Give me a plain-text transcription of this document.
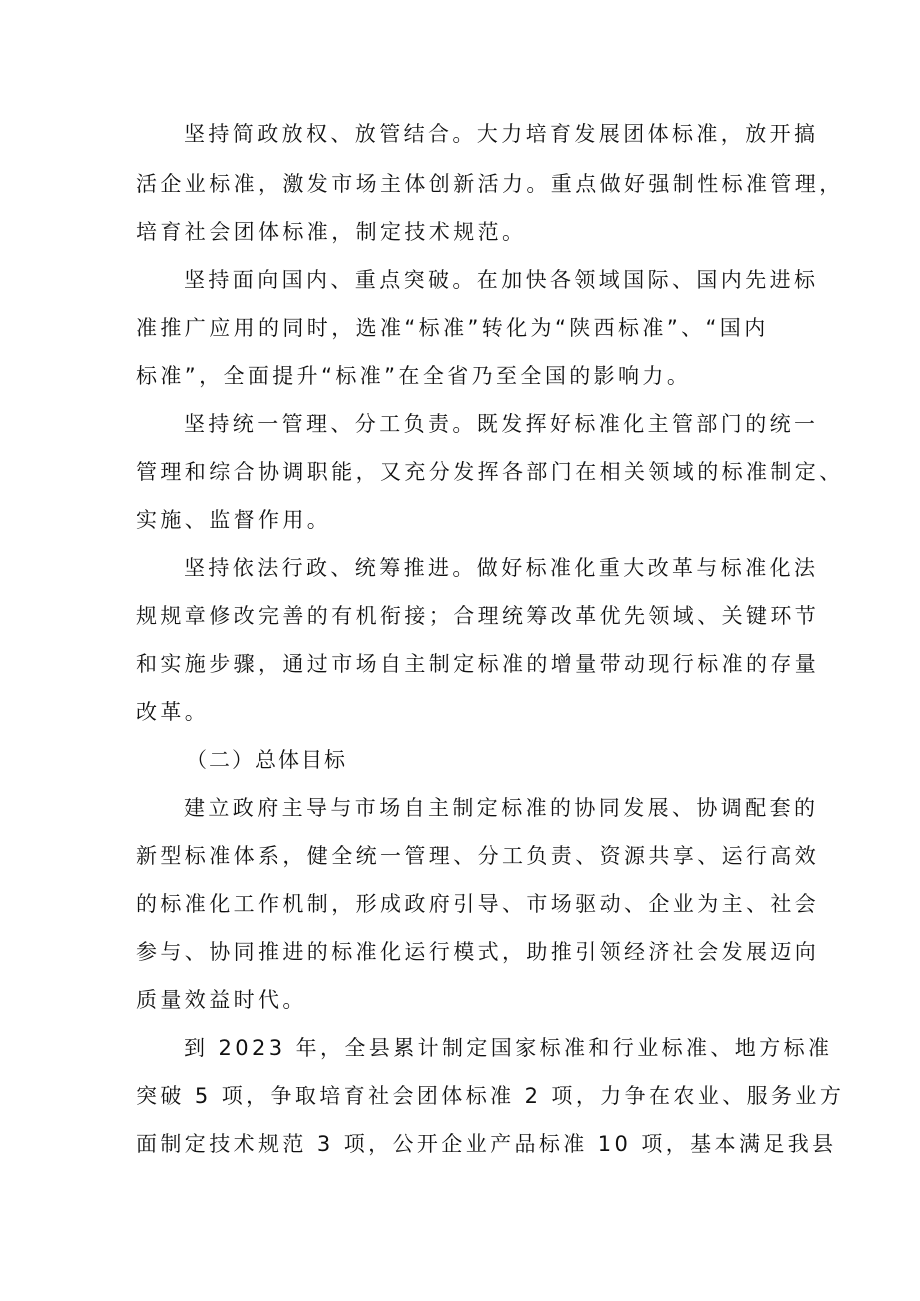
坚持简政放权、放管结合。大力培育发展团体标准，放开搞
活企业标准，激发市场主体创新活力。重点做好强制性标准管理，
培育社会团体标准，制定技术规范。
坚持面向国内、重点突破。在加快各领域国际、国内先进标
准推广应用的同时，选准“标准”转化为“陕西标准”、“国内
标准”，全面提升“标准”在全省乃至全国的影响力。
坚持统一管理、分工负责。既发挥好标准化主管部门的统一
管理和综合协调职能，又充分发挥各部门在相关领域的标准制定、
实施、监督作用。
坚持依法行政、统筹推进。做好标准化重大改革与标准化法
规规章修改完善的有机衔接；合理统筹改革优先领域、关键环节
和实施步骤，通过市场自主制定标准的增量带动现行标准的存量
改革。
（二）总体目标
建立政府主导与市场自主制定标准的协同发展、协调配套的
新型标准体系，健全统一管理、分工负责、资源共享、运行高效
的标准化工作机制，形成政府引导、市场驱动、企业为主、社会
参与、协同推进的标准化运行模式，助推引领经济社会发展迈向
质量效益时代。
到 2023 年，全县累计制定国家标准和行业标准、地方标准
突破 5 项，争取培育社会团体标准 2 项，力争在农业、服务业方
面制定技术规范 3 项，公开企业产品标准 10 项，基本满足我县
